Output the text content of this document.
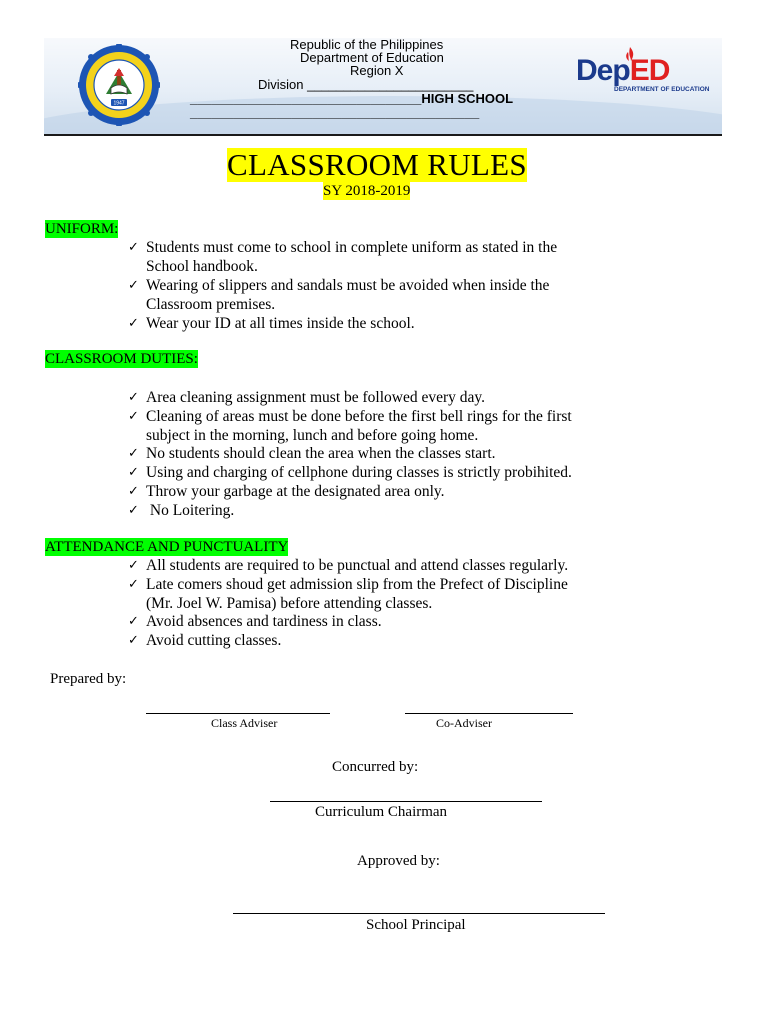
1947
Republic of the Philippines
Department of Education
Region X
Division _______________________
________________________________HIGH SCHOOL
________________________________________
DepED
DEPARTMENT OF EDUCATION
CLASSROOM RULES
SY 2018-2019
UNIFORM:
✓ Students must come to school in complete uniform as stated in the
School handbook.
✓ Wearing of slippers and sandals must be avoided when inside the
Classroom premises.
✓ Wear your ID at all times inside the school.
CLASSROOM DUTIES:
✓ Area cleaning assignment must be followed every day.
✓ Cleaning of areas must be done before the first bell rings for the first
subject in the morning, lunch and before going home.
✓ No students should clean the area when the classes start.
✓ Using and charging of cellphone during classes is strictly probihited.
✓ Throw your garbage at the designated area only.
✓ No Loitering.
ATTENDANCE AND PUNCTUALITY
✓ All students are required to be punctual and attend classes regularly.
✓ Late comers shoud get admission slip from the Prefect of Discipline
(Mr. Joel W. Pamisa) before attending classes.
✓ Avoid absences and tardiness in class.
✓ Avoid cutting classes.
Prepared by:
Class Adviser	Co-Adviser
Concurred by:
Curriculum Chairman
Approved by:
School Principal
